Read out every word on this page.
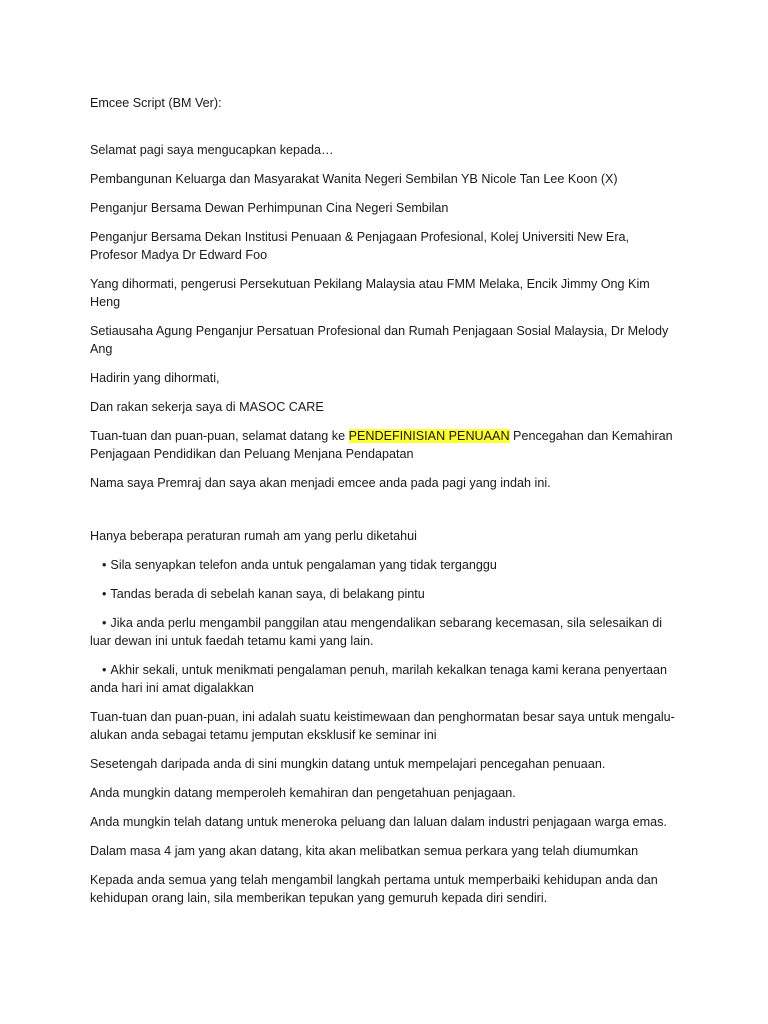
Emcee Script (BM Ver):

Selamat pagi saya mengucapkan kepada…

Pembangunan Keluarga dan Masyarakat Wanita Negeri Sembilan YB Nicole Tan Lee Koon (X)

Penganjur Bersama Dewan Perhimpunan Cina Negeri Sembilan

Penganjur Bersama Dekan Institusi Penuaan & Penjagaan Profesional, Kolej Universiti New Era, Profesor Madya Dr Edward Foo

Yang dihormati, pengerusi Persekutuan Pekilang Malaysia atau FMM Melaka, Encik Jimmy Ong Kim Heng

Setiausaha Agung Penganjur Persatuan Profesional dan Rumah Penjagaan Sosial Malaysia, Dr Melody Ang

Hadirin yang dihormati,

Dan rakan sekerja saya di MASOC CARE

Tuan-tuan dan puan-puan, selamat datang ke PENDEFINISIAN PENUAAN Pencegahan dan Kemahiran Penjagaan Pendidikan dan Peluang Menjana Pendapatan

Nama saya Premraj dan saya akan menjadi emcee anda pada pagi yang indah ini.

Hanya beberapa peraturan rumah am yang perlu diketahui

• Sila senyapkan telefon anda untuk pengalaman yang tidak terganggu

• Tandas berada di sebelah kanan saya, di belakang pintu

• Jika anda perlu mengambil panggilan atau mengendalikan sebarang kecemasan, sila selesaikan di luar dewan ini untuk faedah tetamu kami yang lain.

• Akhir sekali, untuk menikmati pengalaman penuh, marilah kekalkan tenaga kami kerana penyertaan anda hari ini amat digalakkan

Tuan-tuan dan puan-puan, ini adalah suatu keistimewaan dan penghormatan besar saya untuk mengalu-alukan anda sebagai tetamu jemputan eksklusif ke seminar ini

Sesetengah daripada anda di sini mungkin datang untuk mempelajari pencegahan penuaan.

Anda mungkin datang memperoleh kemahiran dan pengetahuan penjagaan.

Anda mungkin telah datang untuk meneroka peluang dan laluan dalam industri penjagaan warga emas.

Dalam masa 4 jam yang akan datang, kita akan melibatkan semua perkara yang telah diumumkan

Kepada anda semua yang telah mengambil langkah pertama untuk memperbaiki kehidupan anda dan kehidupan orang lain, sila memberikan tepukan yang gemuruh kepada diri sendiri.
